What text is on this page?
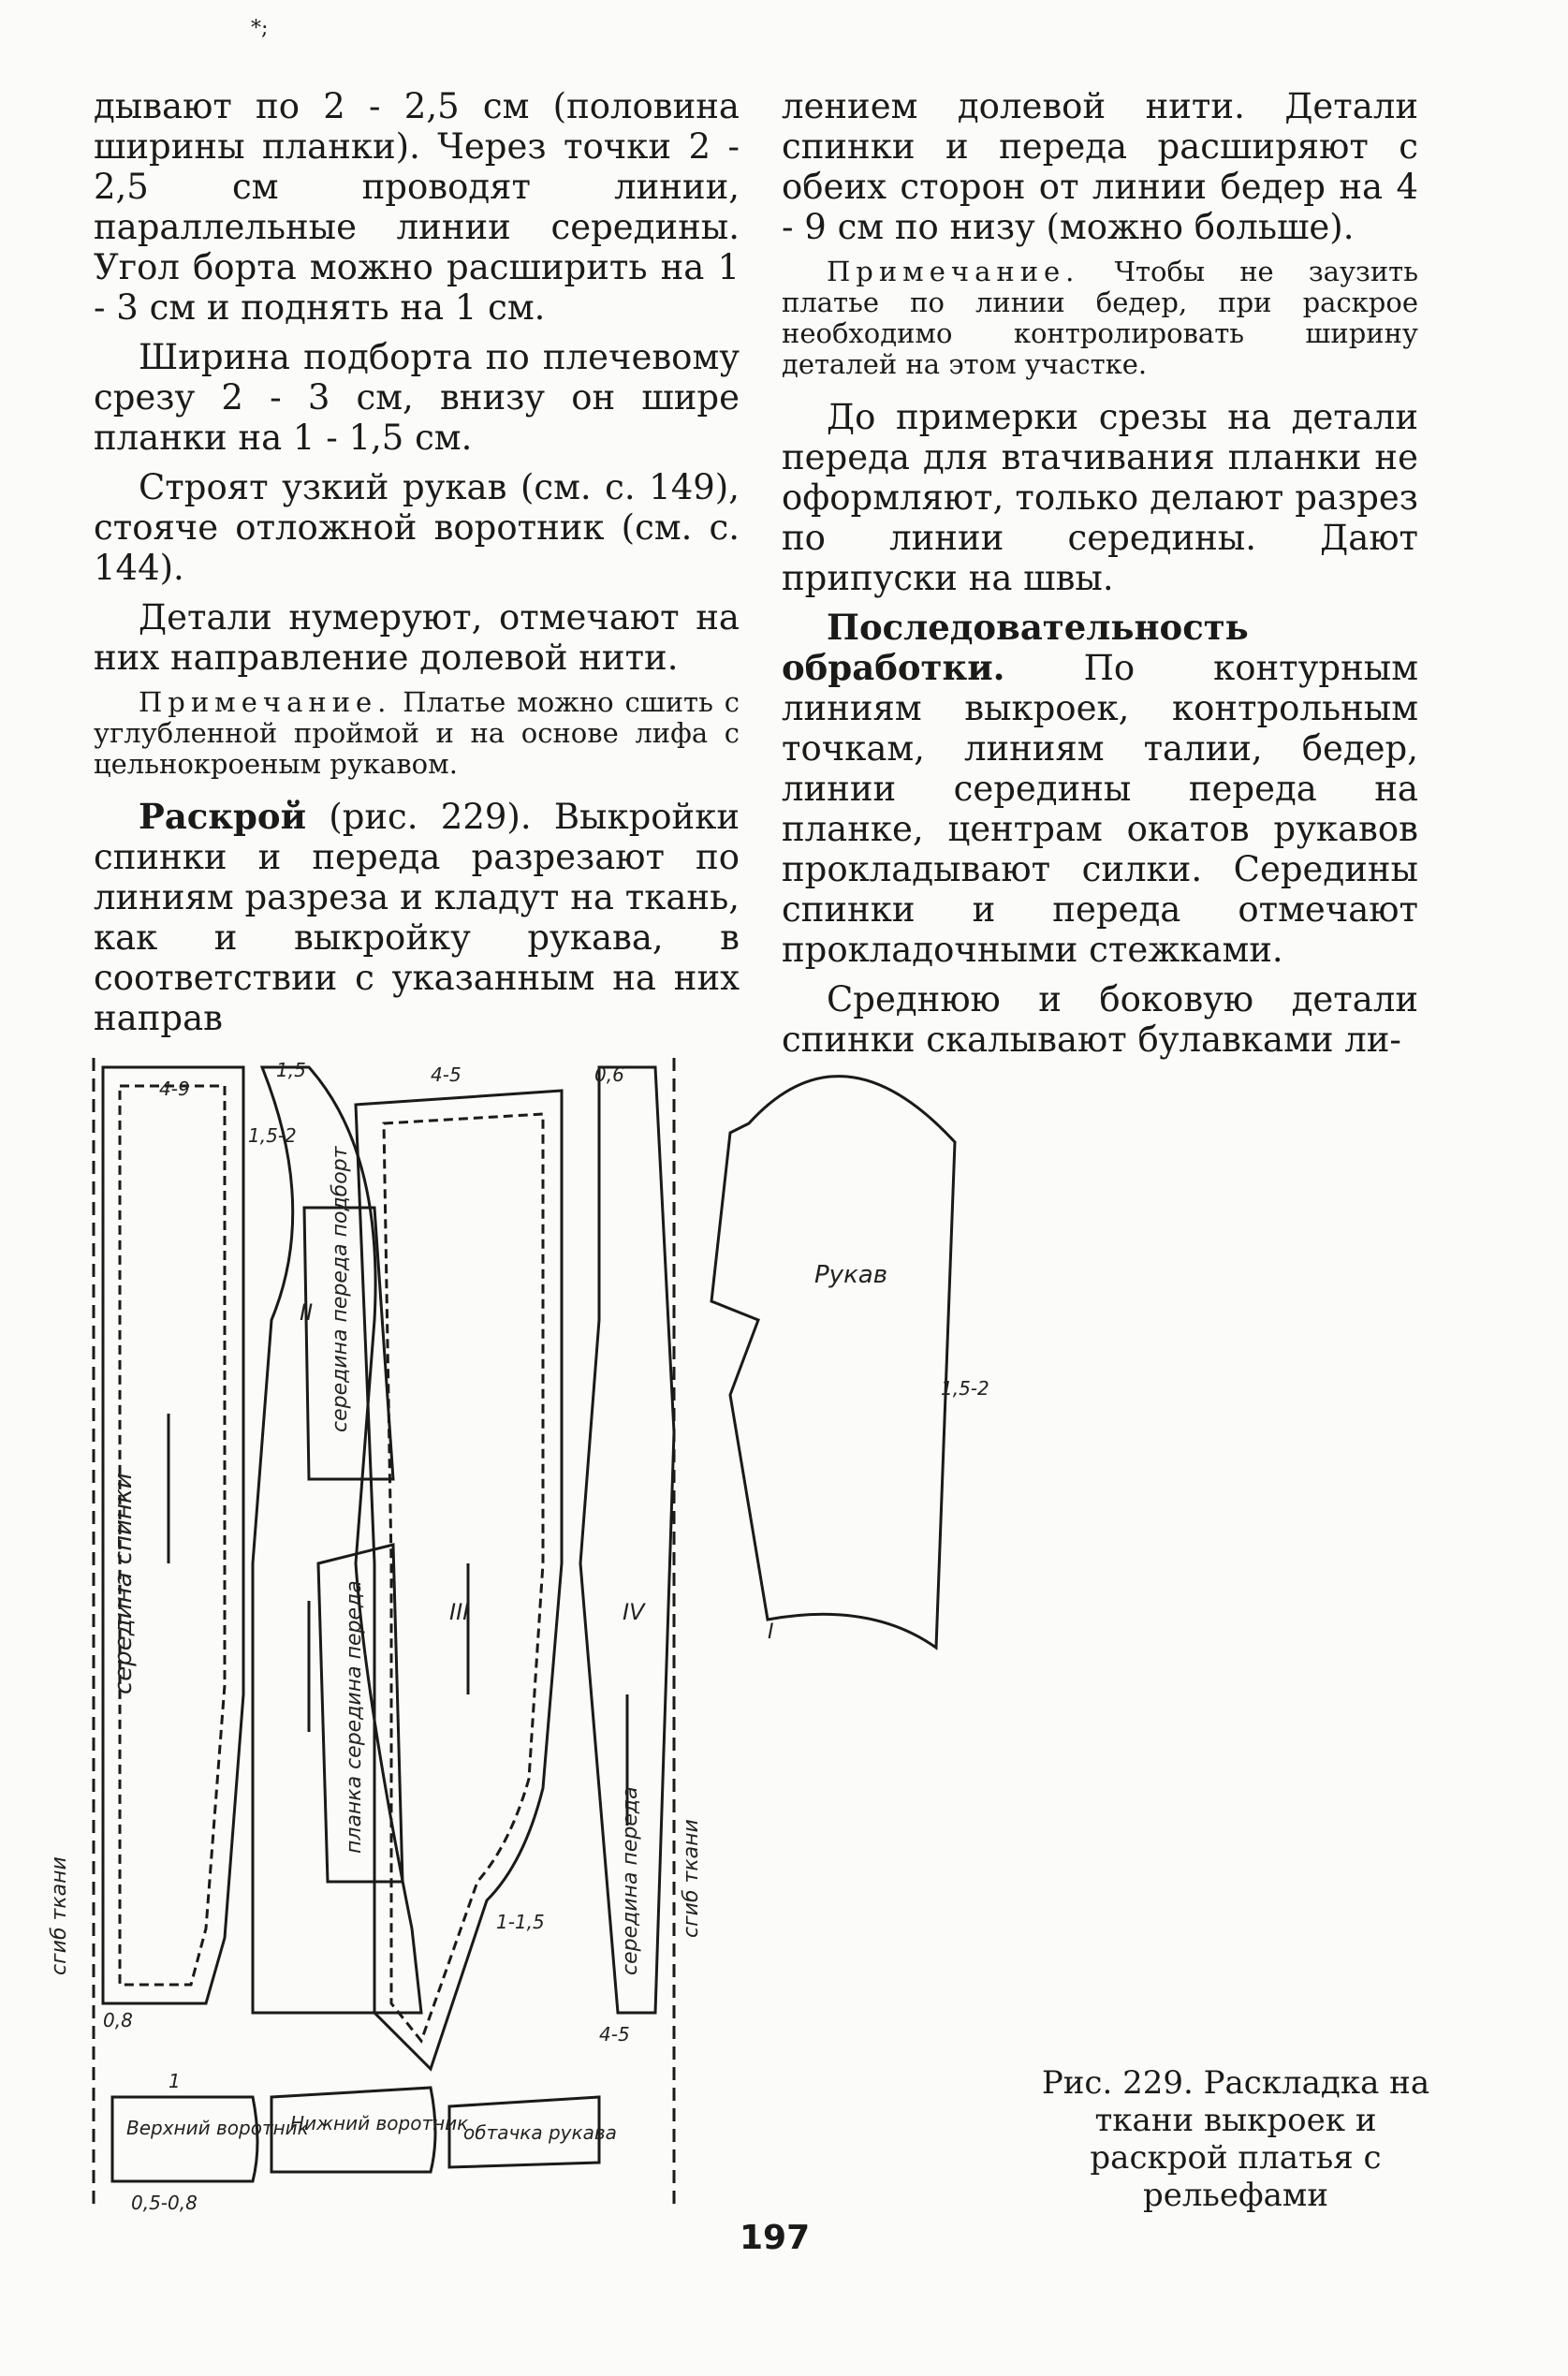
*;

дывают по 2 - 2,5 см (половина ширины планки). Через точки 2 - 2,5 см проводят линии, параллельные линии середины. Угол борта можно расширить на 1 - 3 см и поднять на 1 см.

Ширина подборта по плечевому срезу 2 - 3 см, внизу он шире планки на 1 - 1,5 см.

Строят узкий рукав (см. с. 149), стояче отложной воротник (см. с. 144).

Детали нумеруют, отмечают на них направление долевой нити.

Примечание. Платье можно сшить с углубленной проймой и на основе лифа с цельнокроеным рукавом.

Раскрой (рис. 229). Выкройки спинки и переда разрезают по линиям разреза и кладут на ткань, как и выкройку рукава, в соответствии с указанным на них направ

лением долевой нити. Детали спинки и переда расширяют с обеих сторон от линии бедер на 4 - 9 см по низу (можно больше).

Примечание. Чтобы не заузить платье по линии бедер, при раскрое необходимо контролировать ширину деталей на этом участке.

До примерки срезы на детали переда для втачивания планки не оформляют, только делают разрез по линии середины. Дают припуски на швы.

Последовательность обработки. По контурным линиям выкроек, контрольным точкам, линиям талии, бедер, линии середины переда на планке, центрам окатов рукавов прокладывают силки. Середины спинки и переда отмечают прокладочными стежками.

Среднюю и боковую детали спинки скалывают булавками ли-

середина спинки
сгиб ткани
середина переда подборт
планка середина переда
середина переда сгиб ткани
Рукав
Верхний воротник
Нижний воротник
обтачка рукава
III	IV
II
I
4-5
4-9
1,5-2
1,5
0,8
1
0,5-0,8
0,6
1-1,5
4-5
1,5-2
Рис. 229. Раскладка на ткани выкроек и раскрой платья с рельефами
197
